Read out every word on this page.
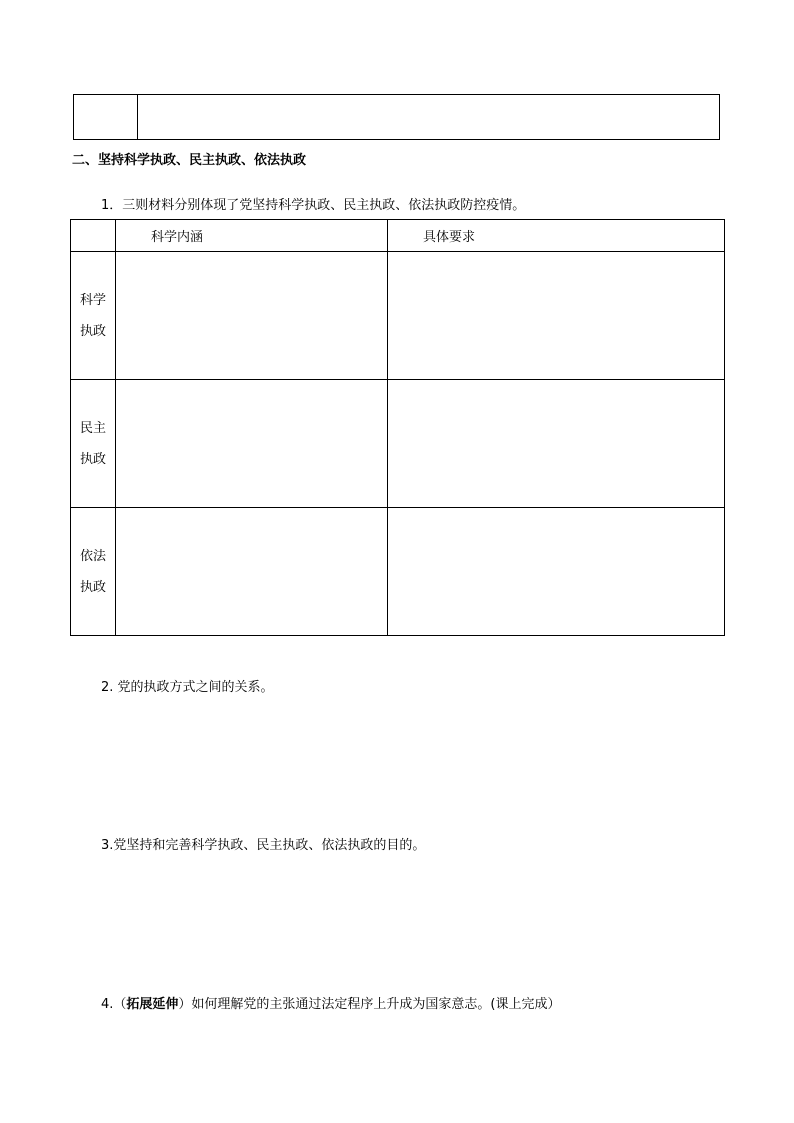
二、坚持科学执政、民主执政、依法执政
1．三则材料分别体现了党坚持科学执政、民主执政、依法执政防控疫情。
	科学内涵	具体要求

科学
执政		

民主
执政		

依法
执政		

2. 党的执政方式之间的关系。
3.党坚持和完善科学执政、民主执政、依法执政的目的。
4.（拓展延伸）如何理解党的主张通过法定程序上升成为国家意志。(课上完成）
